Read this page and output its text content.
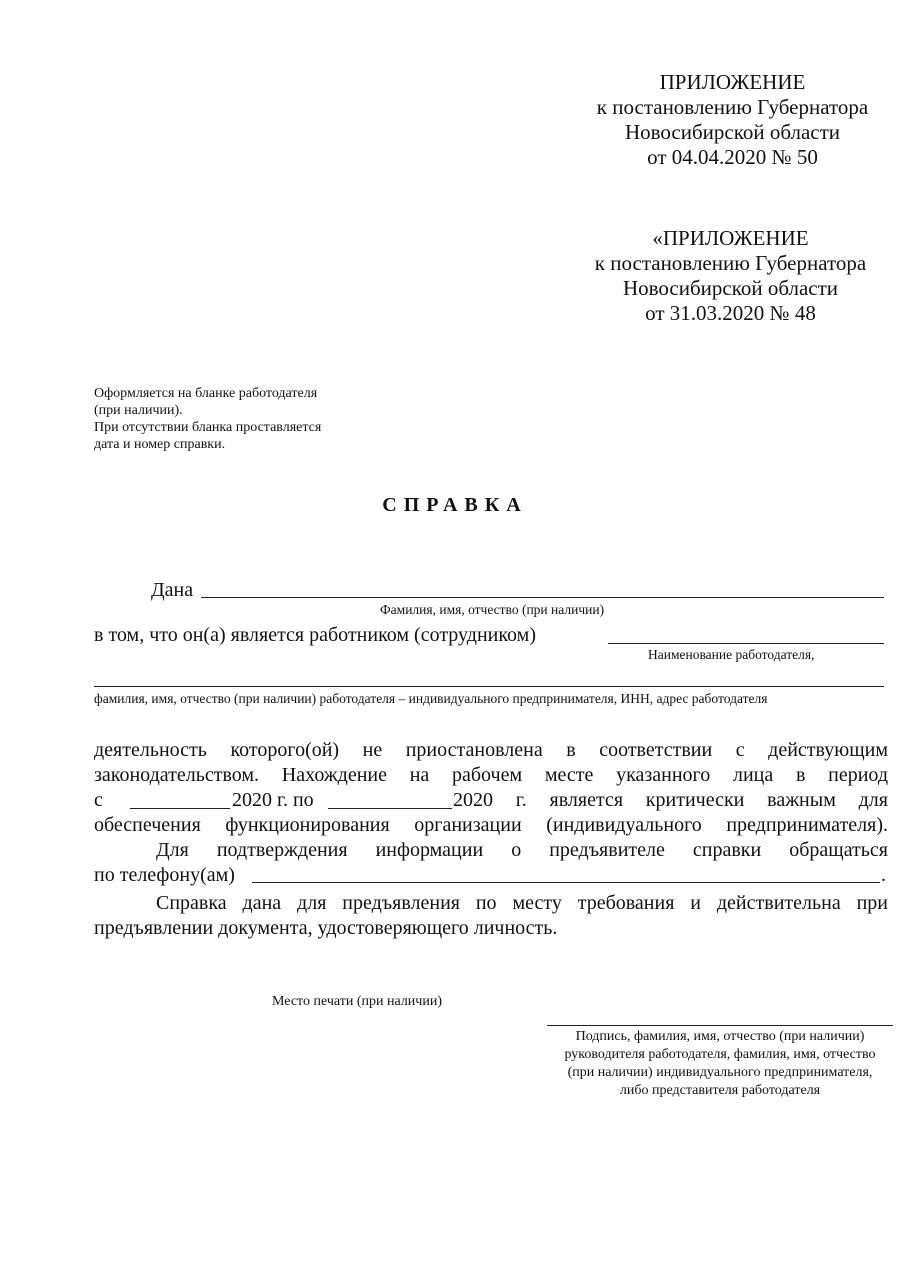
ПРИЛОЖЕНИЕ
к постановлению Губернатора
Новосибирской области
от 04.04.2020 № 50
«ПРИЛОЖЕНИЕ
к постановлению Губернатора
Новосибирской области
от 31.03.2020 № 48
Оформляется на бланке работодателя
(при наличии).
При отсутствии бланка проставляется
дата и номер справки.
СПРАВКА
Дана
Фамилия, имя, отчество (при наличии)
в том, что он(а) является работником (сотрудником)
Наименование работодателя,
фамилия, имя, отчество (при наличии) работодателя – индивидуального предпринимателя, ИНН, адрес работодателя
деятельность которого(ой) не приостановлена в соответствии с действующим
законодательством. Нахождение на рабочем месте указанного лица в период
с	2020 г. по	2020 г. является критически важным для
обеспечения функционирования организации (индивидуального предпринимателя).
Для подтверждения информации о предъявителе справки обращаться
по телефону(ам)	.
Справка дана для предъявления по месту требования и действительна при
предъявлении документа, удостоверяющего личность.
Место печати (при наличии)
Подпись, фамилия, имя, отчество (при наличии)
руководителя работодателя, фамилия, имя, отчество
(при наличии) индивидуального предпринимателя,
либо представителя работодателя
